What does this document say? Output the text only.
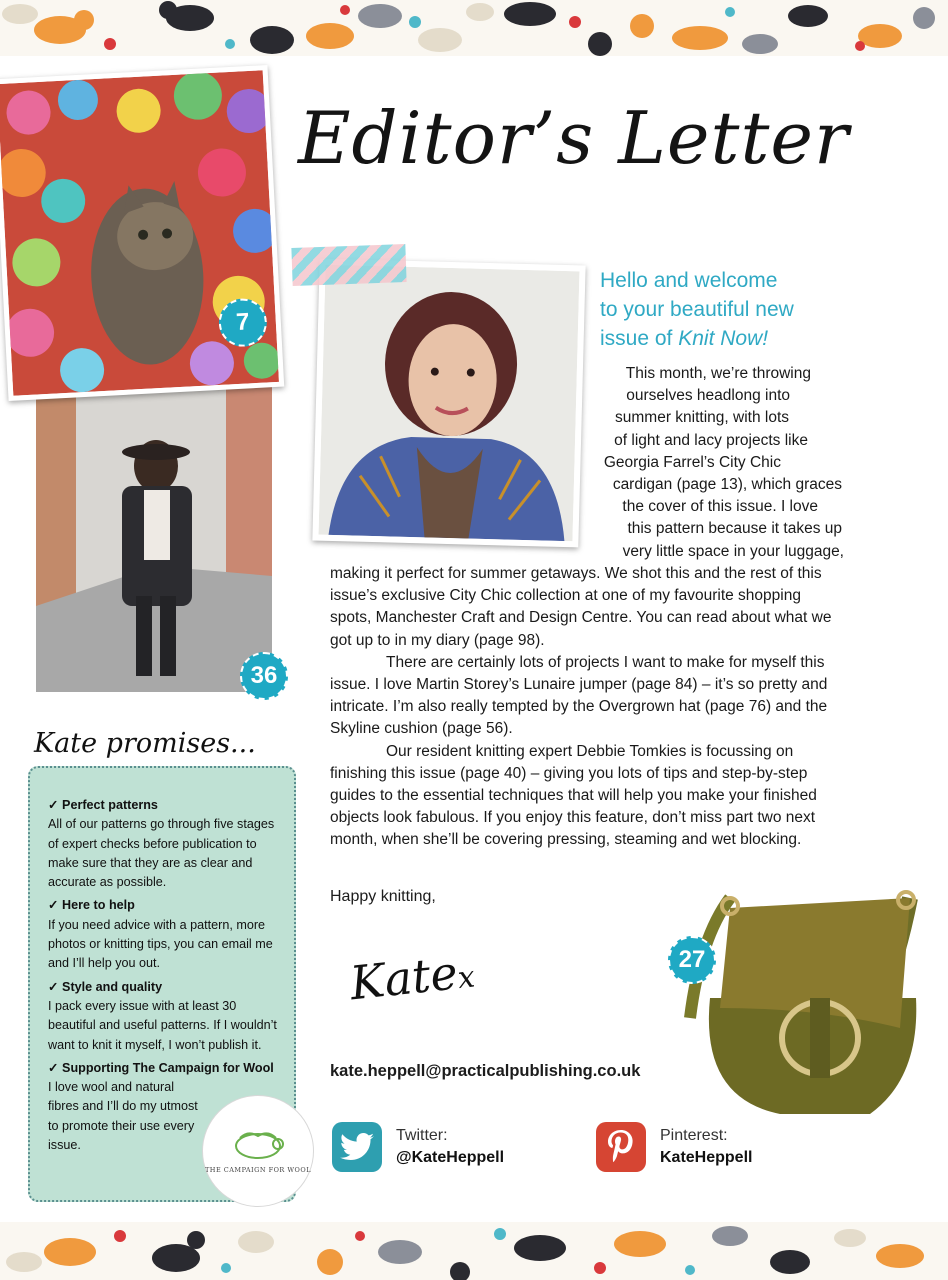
7
36
Editor’s Letter

Hello and welcome
to your beautiful new
issue of Knit Now!

This month, we’re throwing
ourselves headlong into
summer knitting, with lots
of light and lacy projects like
Georgia Farrel’s City Chic
cardigan (page 13), which graces
the cover of this issue. I love
this pattern because it takes up
very little space in your luggage,

making it perfect for summer getaways. We shot this and the rest of this issue’s exclusive City Chic collection at one of my favourite shopping spots, Manchester Craft and Design Centre. You can read about what we got up to in my diary (page 98).

There are certainly lots of projects I want to make for myself this issue. I love Martin Storey’s Lunaire jumper (page 84) – it’s so pretty and intricate. I’m also really tempted by the Overgrown hat (page 76) and the Skyline cushion (page 56).

Our resident knitting expert Debbie Tomkies is focussing on finishing this issue (page 40) – giving you lots of tips and step-by-step guides to the essential techniques that will help you make your finished objects look fabulous. If you enjoy this feature, don’t miss part two next month, when she’ll be covering pressing, steaming and wet blocking.

Happy knitting,

Katex

kate.heppell@practicalpublishing.co.uk

27
Twitter:
@KateHeppell
Pinterest:
KateHeppell
Kate promises...

✓ Perfect patterns
All of our patterns go through five stages of expert checks before publication to make sure that they are as clear and accurate as possible.

✓ Here to help
If you need advice with a pattern, more photos or knitting tips, you can email me and I’ll help you out.

✓ Style and quality
I pack every issue with at least 30 beautiful and useful patterns. If I wouldn’t want to knit it myself, I won’t publish it.

✓ Supporting The Campaign for Wool
I love wool and natural fibres and I’ll do my utmost to promote their use every issue.

THE CAMPAIGN FOR WOOL
